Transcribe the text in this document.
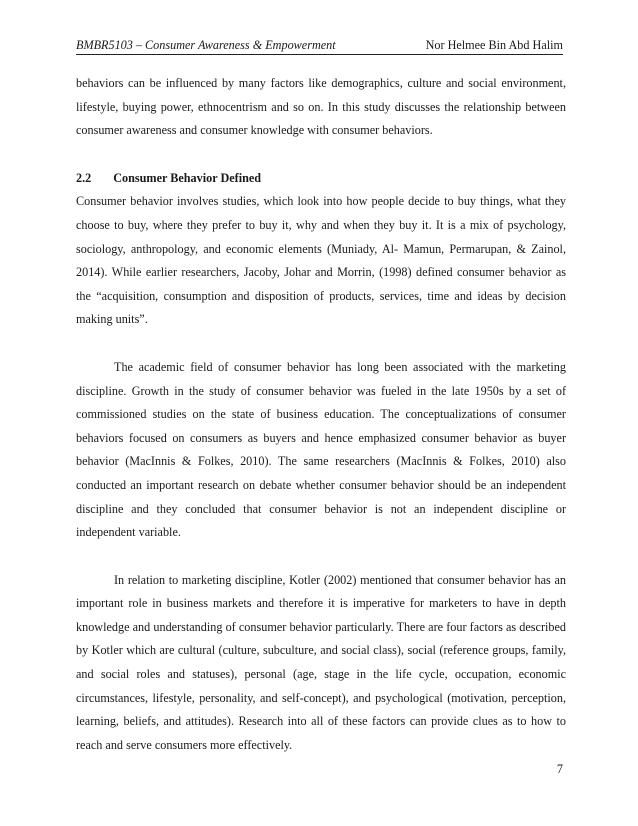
BMBR5103 – Consumer Awareness & Empowerment	Nor Helmee Bin Abd Halim

behaviors can be influenced by many factors like demographics, culture and social environment, lifestyle, buying power, ethnocentrism and so on. In this study discusses the relationship between consumer awareness and consumer knowledge with consumer behaviors.

2.2 Consumer Behavior Defined

Consumer behavior involves studies, which look into how people decide to buy things, what they choose to buy, where they prefer to buy it, why and when they buy it. It is a mix of psychology, sociology, anthropology, and economic elements (Muniady, Al- Mamun, Permarupan, & Zainol, 2014). While earlier researchers, Jacoby, Johar and Morrin, (1998) defined consumer behavior as the “acquisition, consumption and disposition of products, services, time and ideas by decision making units”.

The academic field of consumer behavior has long been associated with the marketing discipline. Growth in the study of consumer behavior was fueled in the late 1950s by a set of commissioned studies on the state of business education. The conceptualizations of consumer behaviors focused on consumers as buyers and hence emphasized consumer behavior as buyer behavior (MacInnis & Folkes, 2010). The same researchers (MacInnis & Folkes, 2010) also conducted an important research on debate whether consumer behavior should be an independent discipline and they concluded that consumer behavior is not an independent discipline or independent variable.

In relation to marketing discipline, Kotler (2002) mentioned that consumer behavior has an important role in business markets and therefore it is imperative for marketers to have in depth knowledge and understanding of consumer behavior particularly. There are four factors as described by Kotler which are cultural (culture, subculture, and social class), social (reference groups, family, and social roles and statuses), personal (age, stage in the life cycle, occupation, economic circumstances, lifestyle, personality, and self-concept), and psychological (motivation, perception, learning, beliefs, and attitudes). Research into all of these factors can provide clues as to how to reach and serve consumers more effectively.

7
